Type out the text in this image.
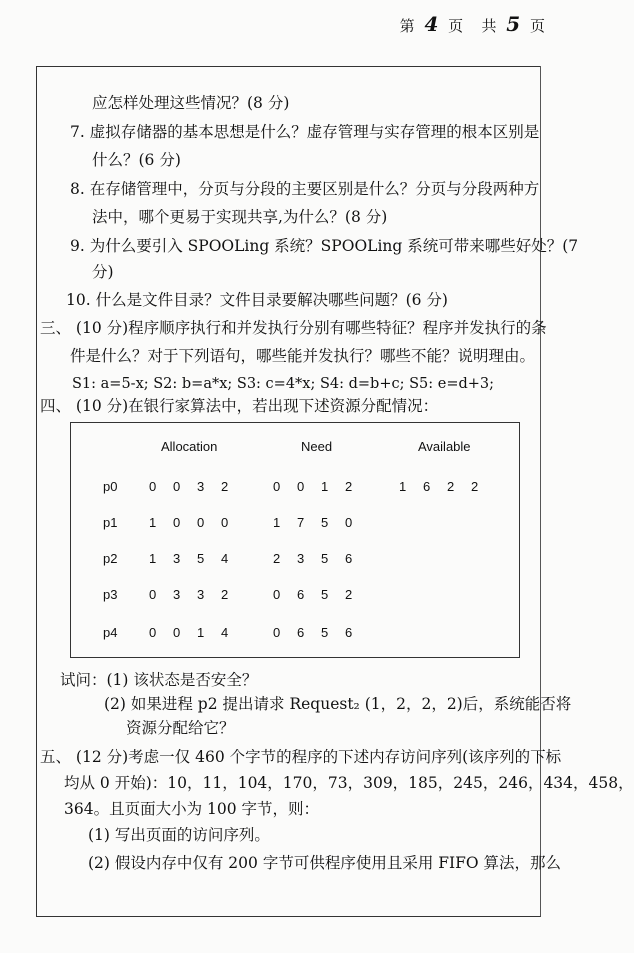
第 4 页 共 5 页
应怎样处理这些情况？(8 分)
7. 虚拟存储器的基本思想是什么？虚存管理与实存管理的根本区别是
什么？(6 分)
8. 在存储管理中，分页与分段的主要区别是什么？分页与分段两种方
法中，哪个更易于实现共享,为什么？(8 分)
9. 为什么要引入 SPOOLing 系统？SPOOLing 系统可带来哪些好处？(7
分)
10. 什么是文件目录？文件目录要解决哪些问题？(6 分)
三、 (10 分)程序顺序执行和并发执行分别有哪些特征？程序并发执行的条
件是什么？对于下列语句，哪些能并发执行？哪些不能？说明理由。
S1: a=5-x; S2: b=a*x; S3: c=4*x; S4: d=b+c; S5: e=d+3;
四、 (10 分)在银行家算法中，若出现下述资源分配情况：
Allocation	Need	Available
p0 0 0 3 2	0 0 1 2	1 6 2 2
p1 1 0 0 0	1 7 5 0
p2 1 3 5 4	2 3 5 6
p3 0 3 3 2	0 6 5 2
p4 0 0 1 4	0 6 5 6
试问：(1) 该状态是否安全？
(2) 如果进程 p2 提出请求 Request₂ (1，2，2，2)后，系统能否将
资源分配给它？
五、 (12 分)考虑一仅 460 个字节的程序的下述内存访问序列(该序列的下标
均从 0 开始)：10，11，104，170，73，309，185，245，246，434，458，
364。且页面大小为 100 字节，则：
(1) 写出页面的访问序列。
(2) 假设内存中仅有 200 字节可供程序使用且采用 FIFO 算法，那么
